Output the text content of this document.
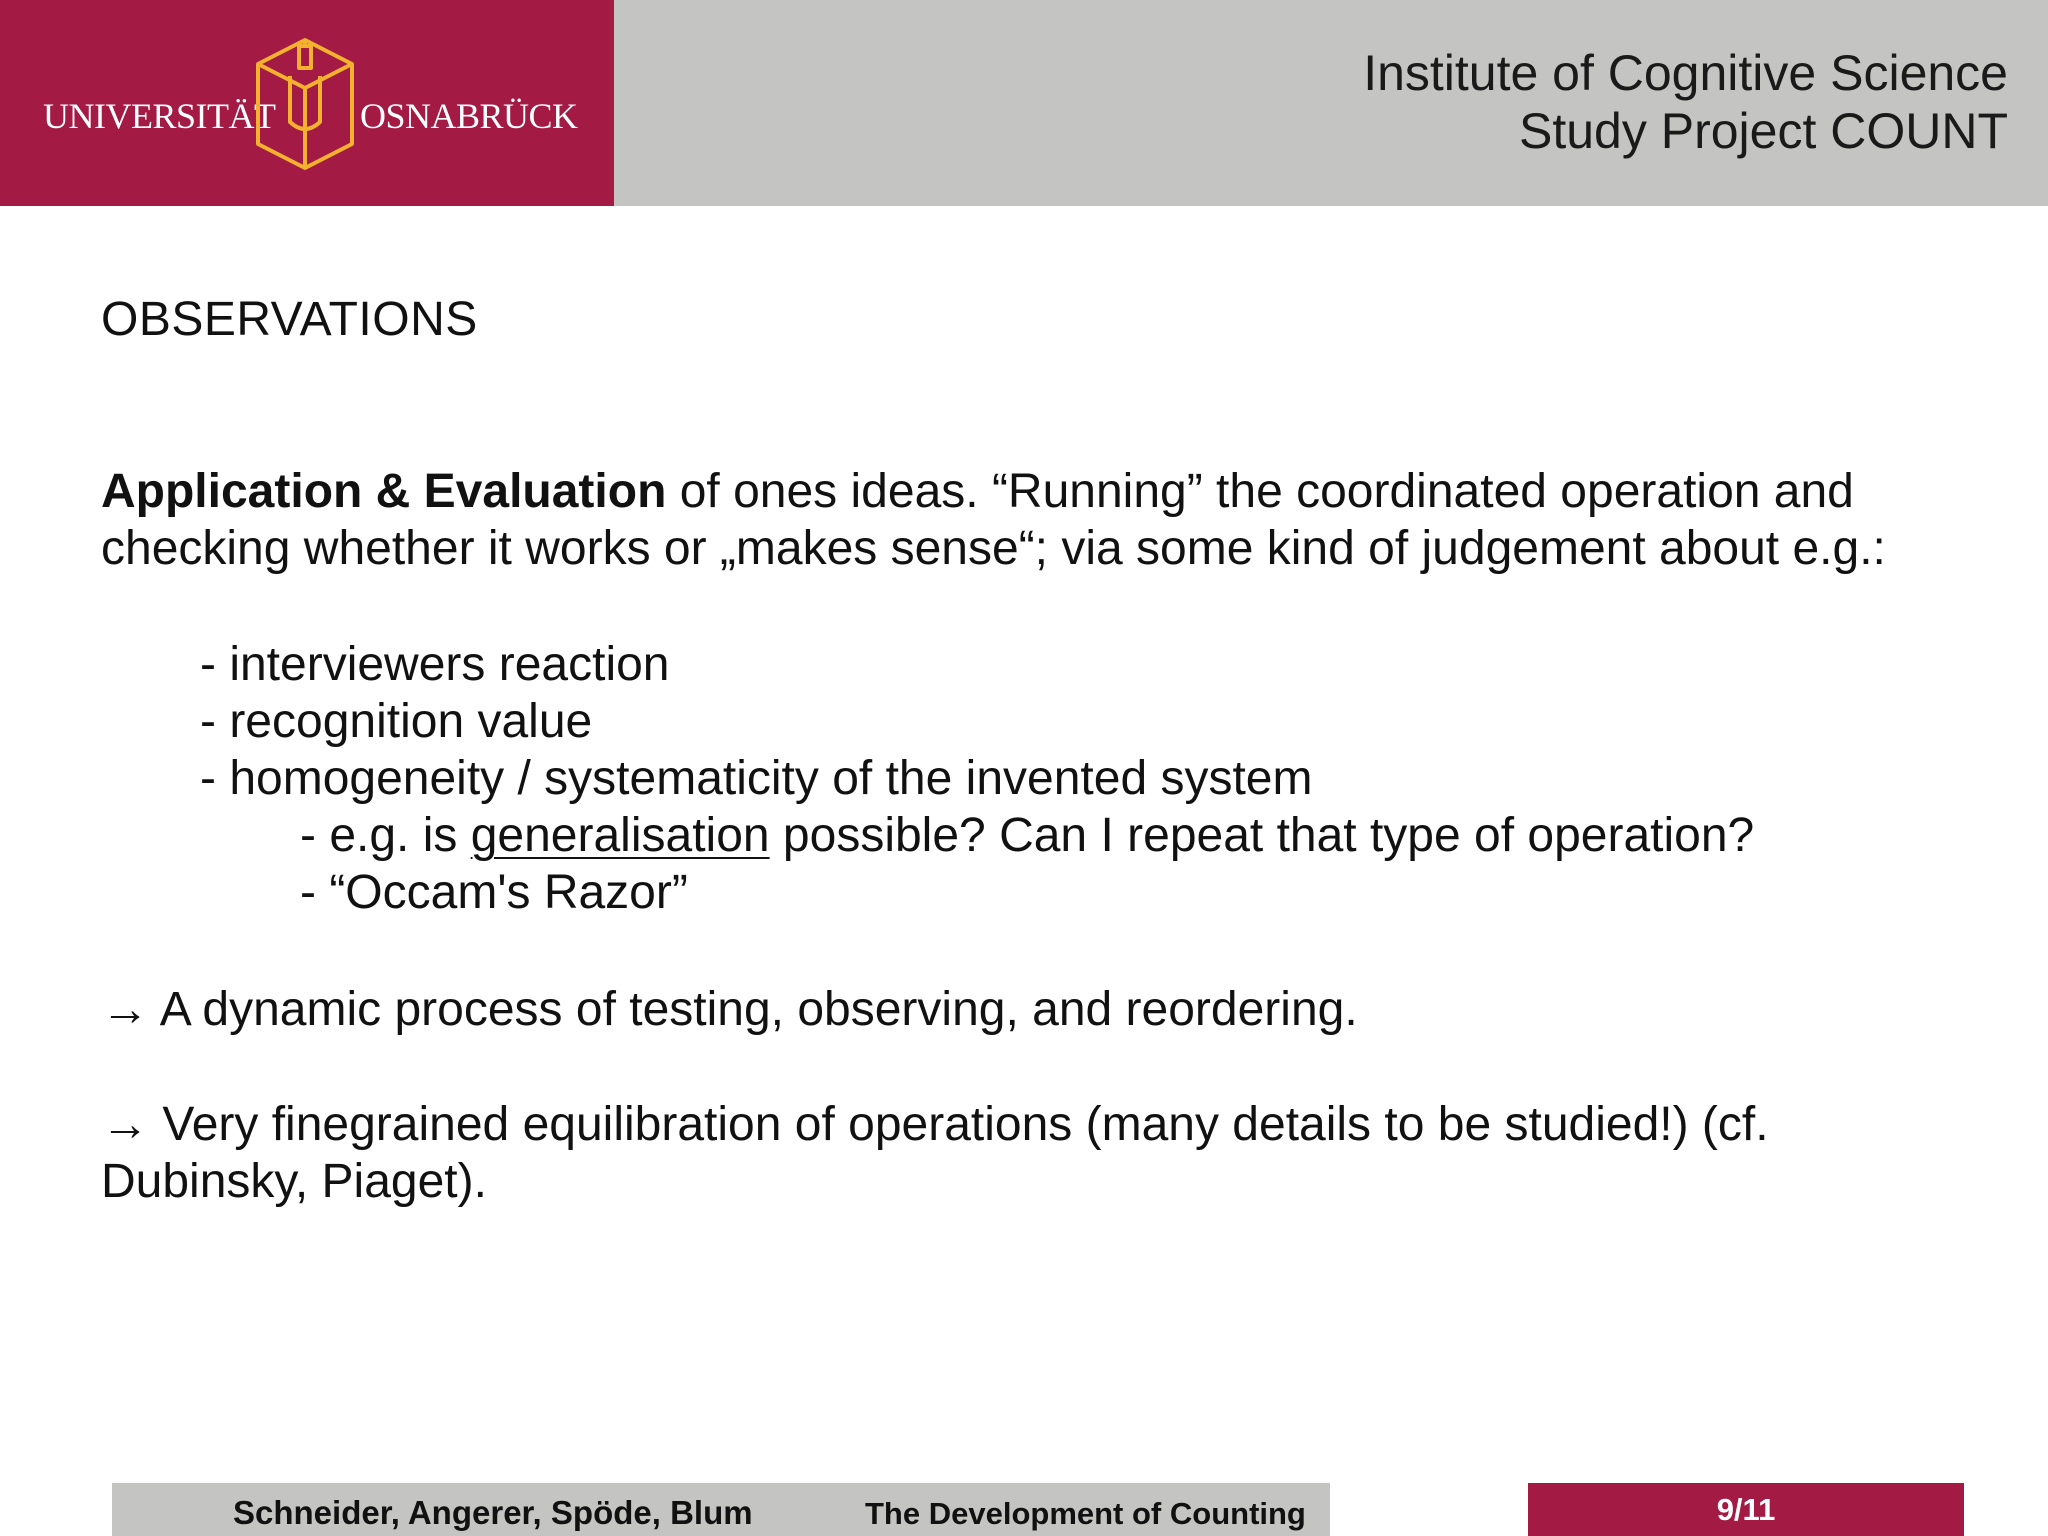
UNIVERSITÄT OSNABRÜCK
Institute of Cognitive Science
Study Project COUNT
OBSERVATIONS
Application & Evaluation of ones ideas. “Running” the coordinated operation and
checking whether it works or „makes sense“; via some kind of judgement about e.g.:
- interviewers reaction
- recognition value
- homogeneity / systematicity of the invented system
- e.g. is generalisation possible? Can I repeat that type of operation?
- “Occam's Razor”
→ A dynamic process of testing, observing, and reordering.
→ Very finegrained equilibration of operations (many details to be studied!) (cf.
Dubinsky, Piaget).
Schneider, Angerer, Spöde, Blum	The Development of Counting	9/11
